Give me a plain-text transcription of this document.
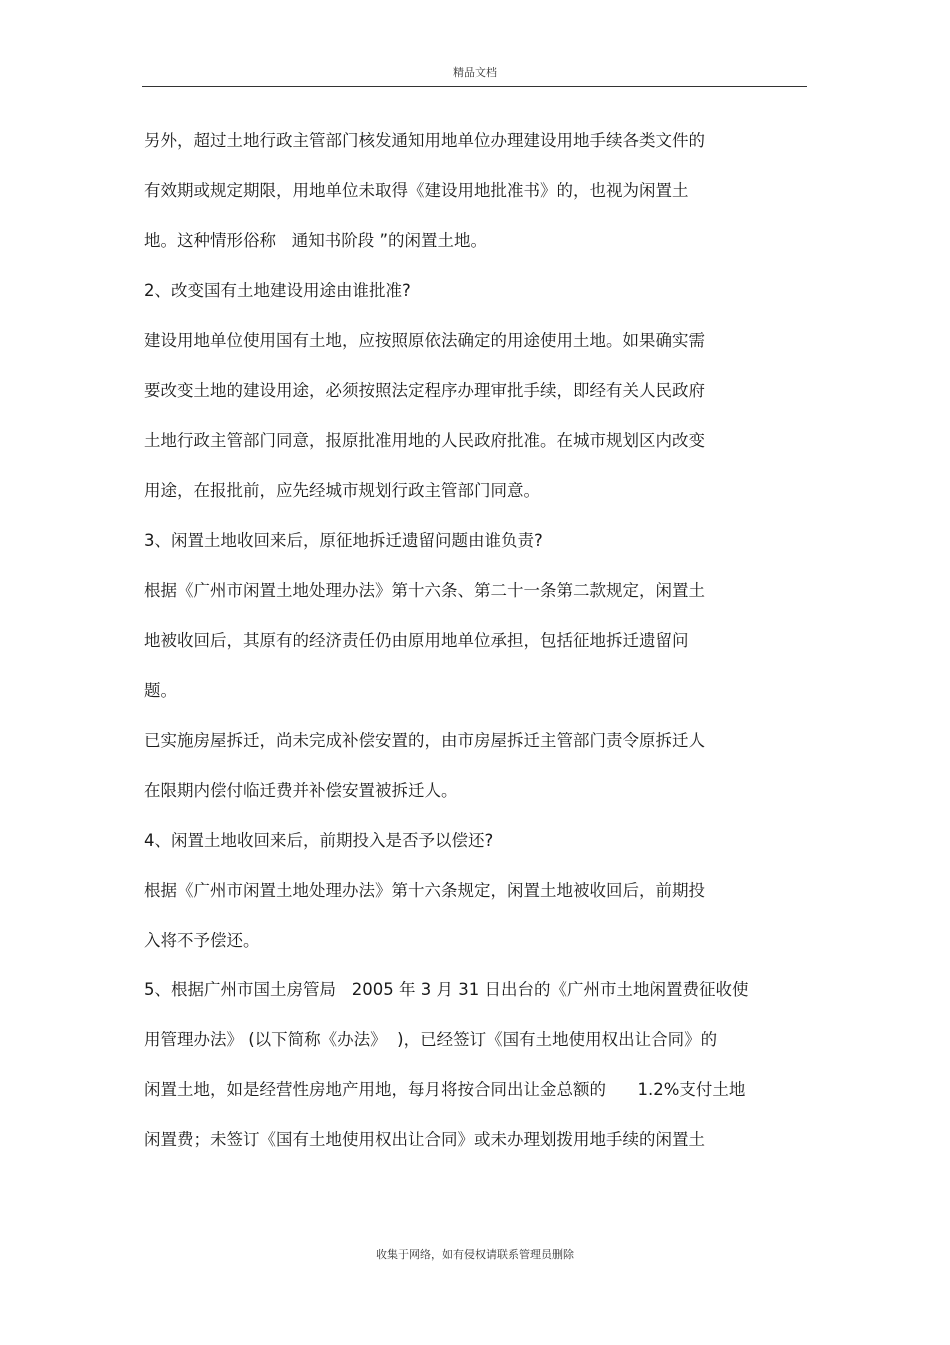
精品文档
另外，超过土地行政主管部门核发通知用地单位办理建设用地手续各类文件的
有效期或规定期限，用地单位未取得《建设用地批准书》的，也视为闲置土
地。这种情形俗称   通知书阶段 ”的闲置土地。
2、改变国有土地建设用途由谁批准?
建设用地单位使用国有土地，应按照原依法确定的用途使用土地。如果确实需
要改变土地的建设用途，必须按照法定程序办理审批手续，即经有关人民政府
土地行政主管部门同意，报原批准用地的人民政府批准。在城市规划区内改变
用途，在报批前，应先经城市规划行政主管部门同意。
3、闲置土地收回来后，原征地拆迁遗留问题由谁负责?
根据《广州市闲置土地处理办法》第十六条、第二十一条第二款规定，闲置土
地被收回后，其原有的经济责任仍由原用地单位承担，包括征地拆迁遗留问
题。
已实施房屋拆迁，尚未完成补偿安置的，由市房屋拆迁主管部门责令原拆迁人
在限期内偿付临迁费并补偿安置被拆迁人。
4、闲置土地收回来后，前期投入是否予以偿还?
根据《广州市闲置土地处理办法》第十六条规定，闲置土地被收回后，前期投
入将不予偿还。
5、根据广州市国土房管局   2005 年 3 月 31 日出台的《广州市土地闲置费征收使
用管理办法》 (以下简称《办法》  )，已经签订《国有土地使用权出让合同》的
闲置土地，如是经营性房地产用地，每月将按合同出让金总额的      1.2%支付土地
闲置费；未签订《国有土地使用权出让合同》或未办理划拨用地手续的闲置土
收集于网络，如有侵权请联系管理员删除
